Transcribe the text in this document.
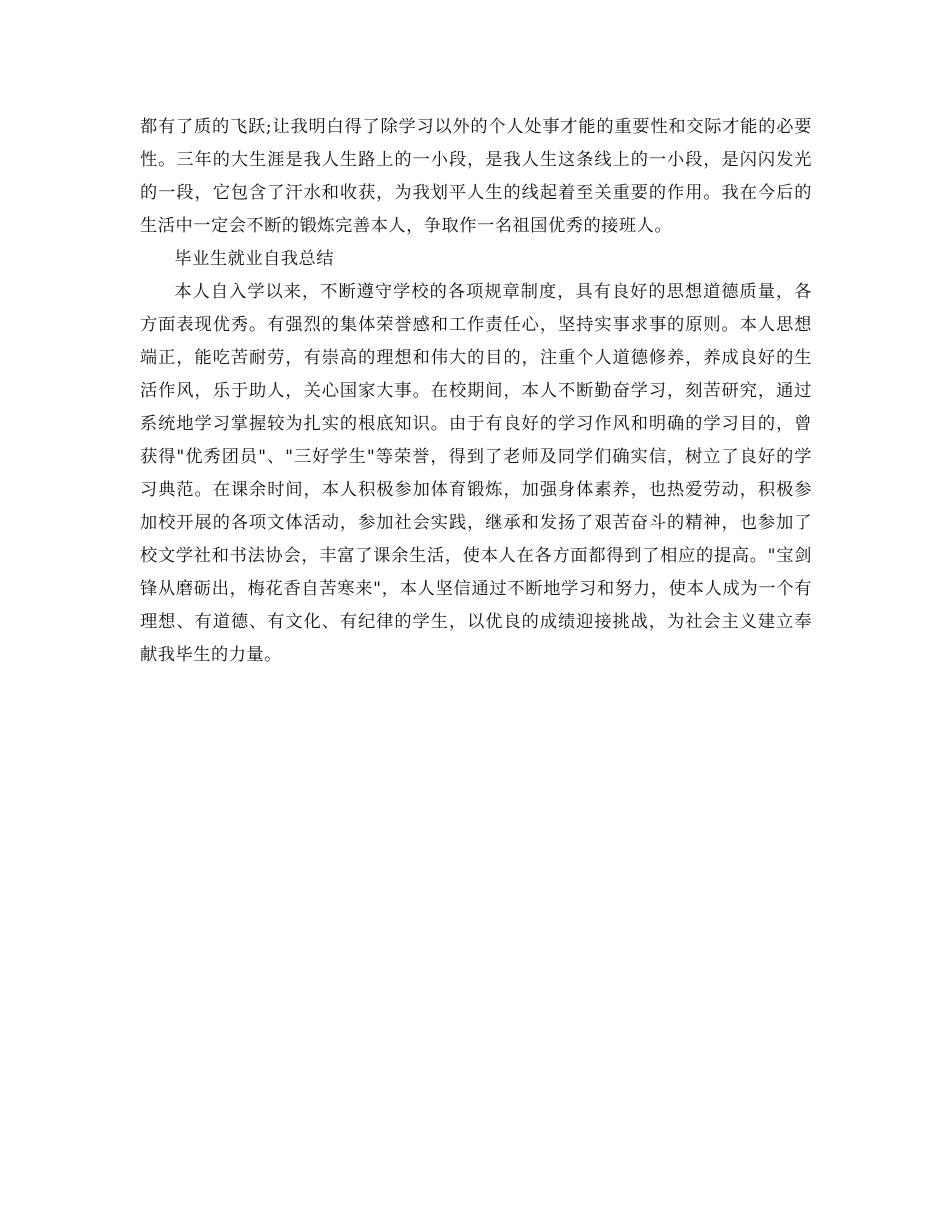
都有了质的飞跃;让我明白得了除学习以外的个人处事才能的重要性和交际才能的必要性。三年的大生涯是我人生路上的一小段，是我人生这条线上的一小段，是闪闪发光的一段，它包含了汗水和收获，为我划平人生的线起着至关重要的作用。我在今后的生活中一定会不断的锻炼完善本人，争取作一名祖国优秀的接班人。

毕业生就业自我总结

本人自入学以来，不断遵守学校的各项规章制度，具有良好的思想道德质量，各方面表现优秀。有强烈的集体荣誉感和工作责任心，坚持实事求事的原则。本人思想端正，能吃苦耐劳，有崇高的理想和伟大的目的，注重个人道德修养，养成良好的生活作风，乐于助人，关心国家大事。在校期间，本人不断勤奋学习，刻苦研究，通过系统地学习掌握较为扎实的根底知识。由于有良好的学习作风和明确的学习目的，曾获得"优秀团员"、"三好学生"等荣誉，得到了老师及同学们确实信，树立了良好的学习典范。在课余时间，本人积极参加体育锻炼，加强身体素养，也热爱劳动，积极参加校开展的各项文体活动，参加社会实践，继承和发扬了艰苦奋斗的精神，也参加了校文学社和书法协会，丰富了课余生活，使本人在各方面都得到了相应的提高。"宝剑锋从磨砺出，梅花香自苦寒来"，本人坚信通过不断地学习和努力，使本人成为一个有理想、有道德、有文化、有纪律的学生，以优良的成绩迎接挑战，为社会主义建立奉献我毕生的力量。
